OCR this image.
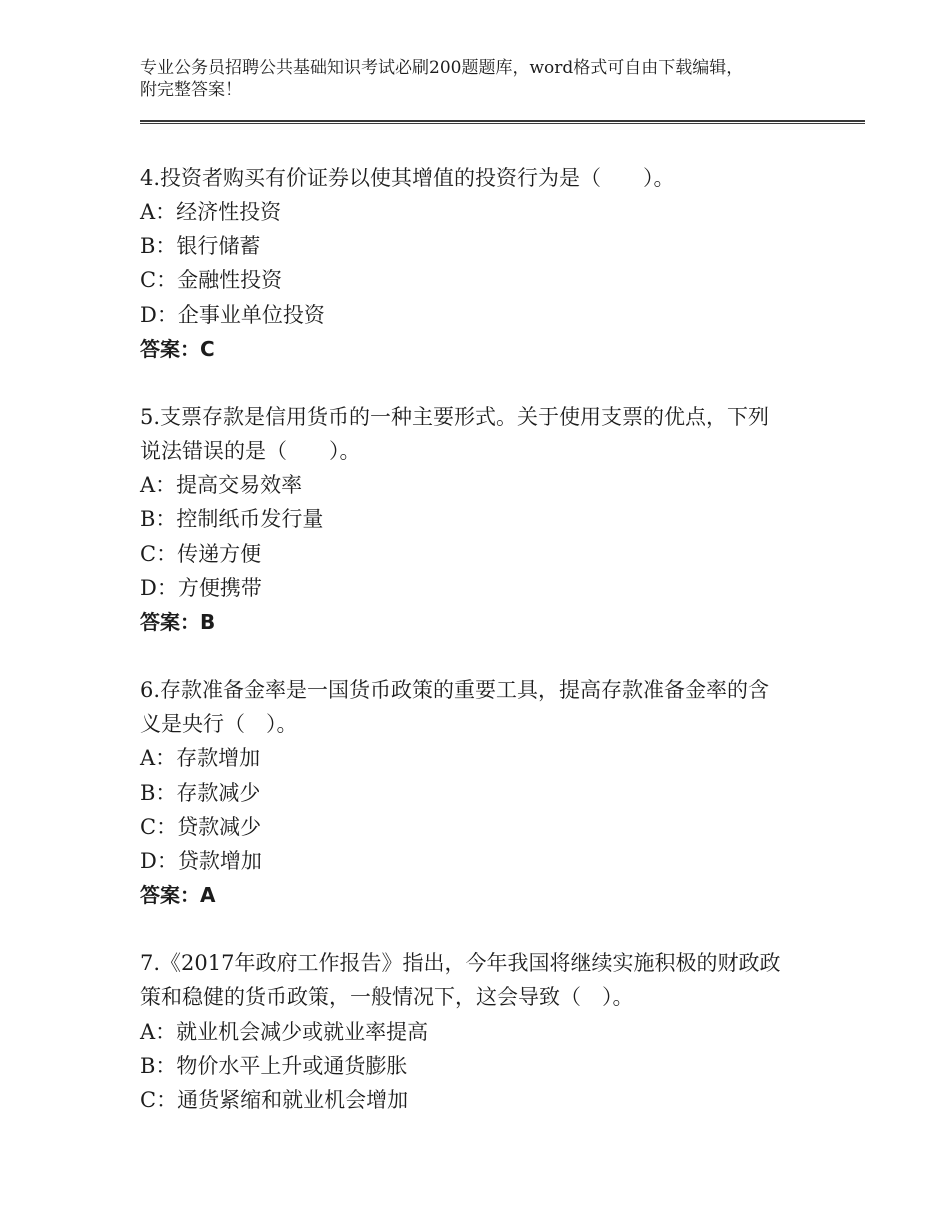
专业公务员招聘公共基础知识考试必刷200题题库，word格式可自由下载编辑，
附完整答案！
4.投资者购买有价证券以使其增值的投资行为是（　　）。
A：经济性投资
B：银行储蓄
C：金融性投资
D：企事业单位投资
答案：C
5.支票存款是信用货币的一种主要形式。关于使用支票的优点，下列
说法错误的是（　　）。
A：提高交易效率
B：控制纸币发行量
C：传递方便
D：方便携带
答案：B
6.存款准备金率是一国货币政策的重要工具，提高存款准备金率的含
义是央行（　）。
A：存款增加
B：存款减少
C：贷款减少
D：贷款增加
答案：A
7.《2017年政府工作报告》指出，今年我国将继续实施积极的财政政
策和稳健的货币政策，一般情况下，这会导致（　）。
A：就业机会减少或就业率提高
B：物价水平上升或通货膨胀
C：通货紧缩和就业机会增加
